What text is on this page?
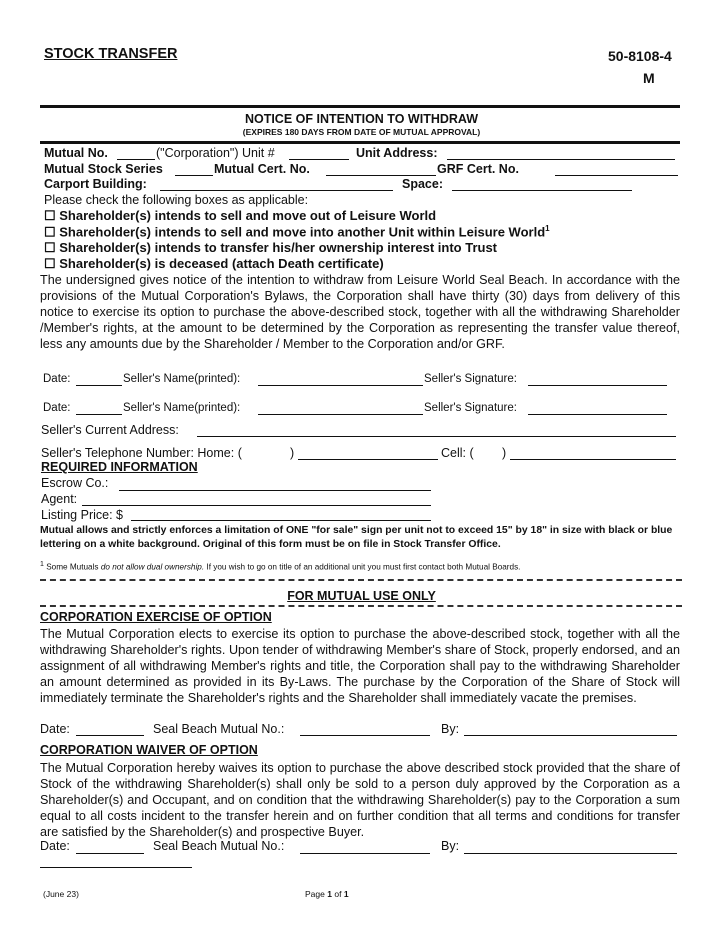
STOCK TRANSFER	50-8108-4
M
NOTICE OF INTENTION TO WITHDRAW
(EXPIRES 180 DAYS FROM DATE OF MUTUAL APPROVAL)
Mutual No.	("Corporation") Unit #	Unit Address:
Mutual Stock Series	Mutual Cert. No.	GRF Cert. No.
Carport Building:	Space:
Please check the following boxes as applicable:
☐ Shareholder(s) intends to sell and move out of Leisure World
☐ Shareholder(s) intends to sell and move into another Unit within Leisure World$^1$
☐ Shareholder(s) intends to transfer his/her ownership interest into Trust
☐ Shareholder(s) is deceased (attach Death certificate)
The undersigned gives notice of the intention to withdraw from Leisure World Seal Beach. In accordance with the provisions of the Mutual Corporation's Bylaws, the Corporation shall have thirty (30) days from delivery of this notice to exercise its option to purchase the above-described stock, together with all the withdrawing Shareholder /Member's rights, at the amount to be determined by the Corporation as representing the transfer value thereof, less any amounts due by the Shareholder / Member to the Corporation and/or GRF.
Date:	Seller's Name(printed):	Seller's Signature:
Date:	Seller's Name(printed):	Seller's Signature:
Seller's Current Address:
Seller's Telephone Number: Home: (	)	Cell: ( )
REQUIRED INFORMATION
Escrow Co.:
Agent:
Listing Price: $
Mutual allows and strictly enforces a limitation of ONE "for sale" sign per unit not to exceed 15" by 18" in size with black or blue lettering on a white background. Original of this form must be on file in Stock Transfer Office.
$^1$ Some Mutuals do not allow dual ownership. If you wish to go on title of an additional unit you must first contact both Mutual Boards.
FOR MUTUAL USE ONLY
CORPORATION EXERCISE OF OPTION
The Mutual Corporation elects to exercise its option to purchase the above-described stock, together with all the withdrawing Shareholder's rights. Upon tender of withdrawing Member's share of Stock, properly endorsed, and an assignment of all withdrawing Member's rights and title, the Corporation shall pay to the withdrawing Shareholder an amount determined as provided in its By-Laws. The purchase by the Corporation of the Share of Stock will immediately terminate the Shareholder's rights and the Shareholder shall immediately vacate the premises.
Date:	Seal Beach Mutual No.:	By:
CORPORATION WAIVER OF OPTION
The Mutual Corporation hereby waives its option to purchase the above described stock provided that the share of Stock of the withdrawing Shareholder(s) shall only be sold to a person duly approved by the Corporation as a Shareholder(s) and Occupant, and on condition that the withdrawing Shareholder(s) pay to the Corporation a sum equal to all costs incident to the transfer herein and on further condition that all terms and conditions for transfer are satisfied by the Shareholder(s) and prospective Buyer.
Date:	Seal Beach Mutual No.:	By:
(June 23)	Page 1 of 1
